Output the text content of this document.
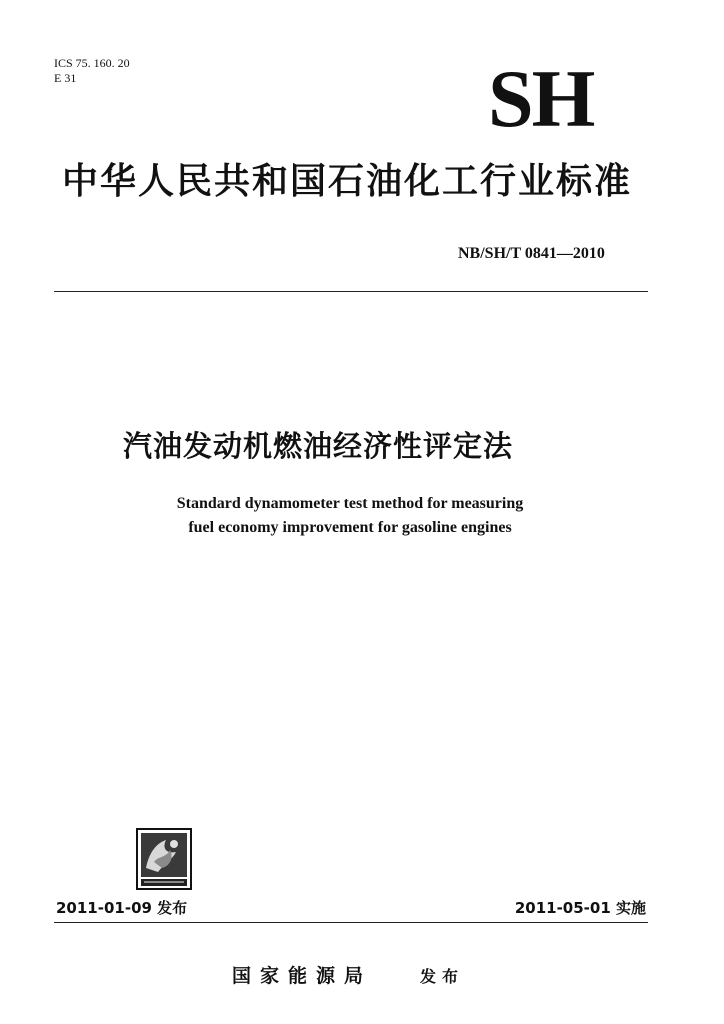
ICS 75. 160. 20
E 31	SH
中华人民共和国石油化工行业标准
NB/SH/T 0841—2010
汽油发动机燃油经济性评定法
Standard dynamometer test method for measuring
fuel economy improvement for gasoline engines
2011-01-09 发布	2011-05-01 实施
国家能源局	发布
